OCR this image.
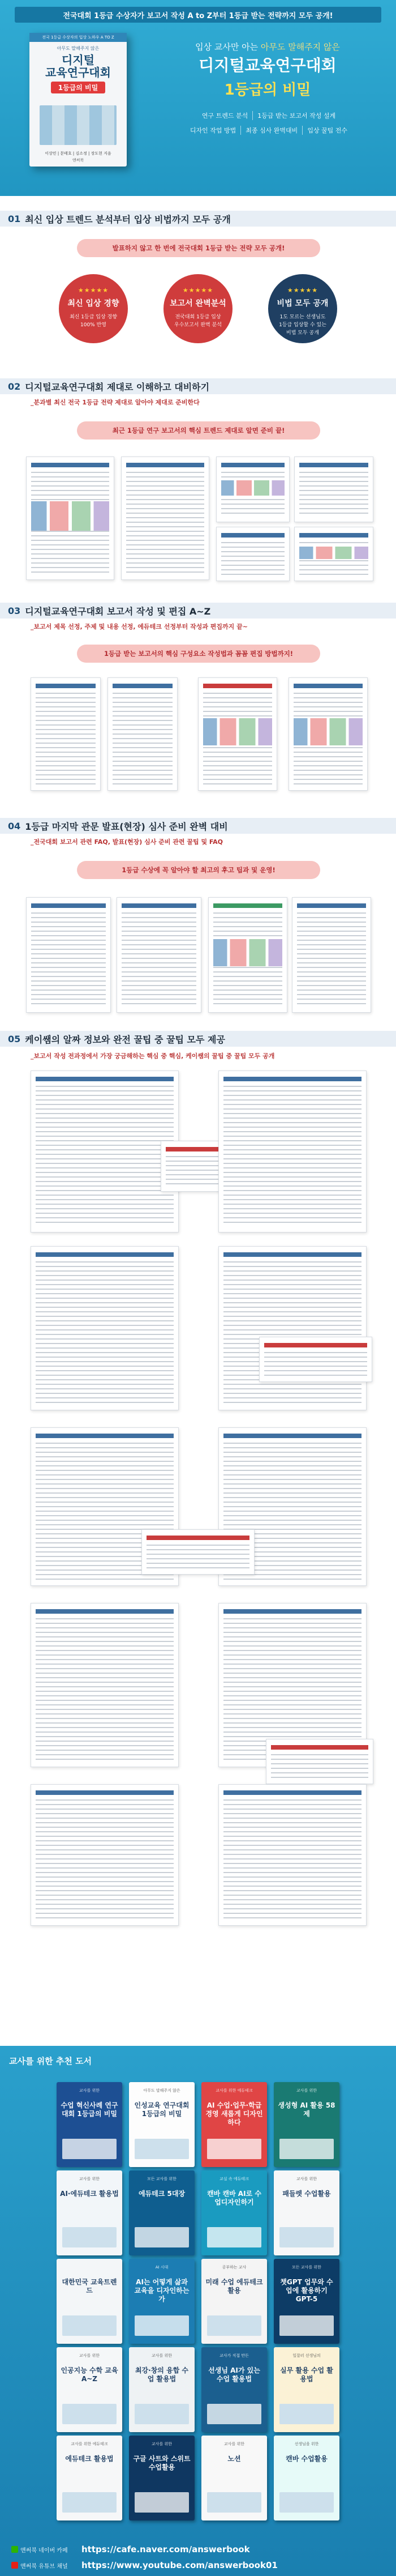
전국대회 1등급 수상자가 보고서 작성 A to Z부터 1등급 받는 전략까지 모두 공개!
전국 1등급 수상자의 입상 노하우 A TO Z
아무도 말해주지 않은
디지털
교육연구대회
1등급의 비밀
이상민 | 문태호 | 김소정 | 장도현 지음
앤써북
입상 교사만 아는 아무도 말해주지 않은
디지털교육연구대회
1등급의 비밀
연구 트렌드 분석	1등급 받는 보고서 작성 설계
디자인 작업 방법	최종 심사 완벽대비	입상 꿀팁 전수
01 최신 입상 트렌드 분석부터 입상 비법까지 모두 공개
발표하지 않고 한 번에 전국대회 1등급 받는 전략 모두 공개!
★★★★★
최신 입상 경향
최신 1등급 입상 경향
100% 반영
★★★★★
보고서 완벽분석
전국대회 1등급 입상
우수보고서 완벽 분석
★★★★★
비법 모두 공개
1도 모르는 선생님도
1등급 입상할 수 있는
비법 모두 공개
02 디지털교육연구대회 제대로 이해하고 대비하기
_분과별 최신 전국 1등급 전략 제대로 알아야 제대로 준비한다
최근 1등급 연구 보고서의 핵심 트렌드 제대로 알면 준비 끝!
03 디지털교육연구대회 보고서 작성 및 편집 A~Z
_보고서 제목 선정, 주제 및 내용 선정, 에듀테크 선정부터 작성과 편집까지 끝~
1등급 받는 보고서의 핵심 구성요소 작성법과 꼼꼼 편집 방법까지!
04 1등급 마지막 관문 발표(현장) 심사 준비 완벽 대비
_전국대회 보고서 관련 FAQ, 발표(현장) 심사 준비 관련 꿀팁 및 FAQ
1등급 수상에 꼭 알아야 할 최고의 후고 팁과 및 운영!
05 케이쌤의 알짜 정보와 완전 꿀팁 중 꿀팁 모두 제공
_보고서 작성 전과정에서 가장 궁금해하는 핵심 중 핵심, 케이쌤의 꿀팁 중 꿀팁 모두 공개
교사를 위한 추천 도서
교사를 위한
수업 혁신사례 연구대회 1등급의 비밀
아무도 말해주지 않은
인성교육 연구대회 1등급의 비밀
교사를 위한 에듀테크
AI 수업·업무·학급경영 새롭게 디자인하다
교사를 위한
생성형 AI 활용 58제
교사를 위한
AI·에듀테크 활용법
모든 교사를 위한
에듀테크 5대장
교실 속 에듀테크
캔바 캔바 AI로 수업디자인하기
교사를 위한
패들렛 수업활용
대한민국 교육트렌드
AI 시대
AI는 어떻게 삶과 교육을 디자인하는가
공부하는 교사
미래 수업 에듀테크 활용
모든 교사를 위한
챗GPT 업무와 수업에 활용하기 GPT-5
교사를 위한
인공지능 수학 교육 A~Z
교사를 위한
최강·창의 융합 수업 활용법
교사가 직접 만든
선생님 AI가 있는 수업 활용법
일잘러 선생님의
실무 활용 수업 활용법
교사를 위한 에듀테크
에듀테크 활용법
교사를 위한
구글 사트와 스위트 수업활용
교사를 위한
노션
선생님을 위한
캔바 수업활용
앤써북 네이버 카페 https://cafe.naver.com/answerbook
앤써북 유튜브 채널 https://www.youtube.com/answerbook01
